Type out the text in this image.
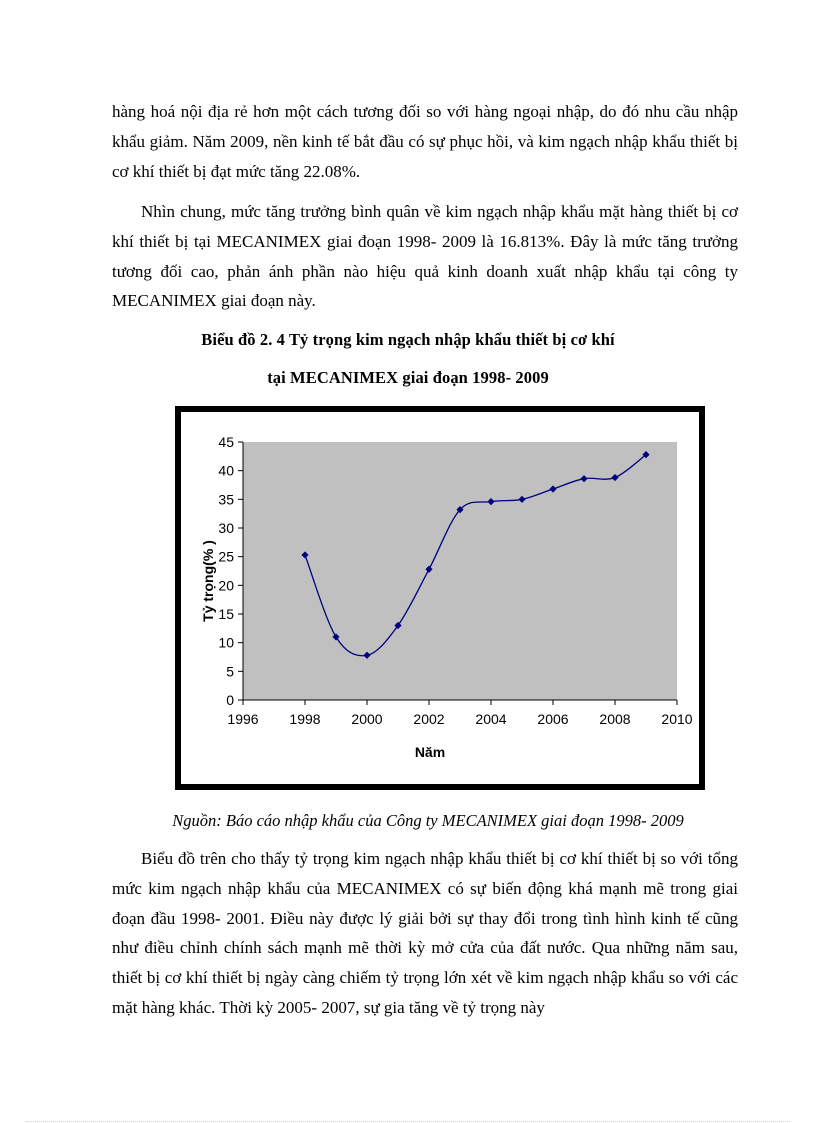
hàng hoá nội địa rẻ hơn một cách tương đối so với hàng ngoại nhập, do đó nhu cầu nhập khẩu giảm. Năm 2009, nền kinh tế bắt đầu có sự phục hồi, và kim ngạch nhập khẩu thiết bị cơ khí thiết bị đạt mức tăng 22.08%.

Nhìn chung, mức tăng trưởng bình quân về kim ngạch nhập khẩu mặt hàng thiết bị cơ khí thiết bị tại MECANIMEX giai đoạn 1998- 2009 là 16.813%. Đây là mức tăng trưởng tương đối cao, phản ánh phần nào hiệu quả kinh doanh xuất nhập khẩu tại công ty MECANIMEX giai đoạn này.

Biểu đồ 2. 4 Tỷ trọng kim ngạch nhập khẩu thiết bị cơ khí
tại MECANIMEX giai đoạn 1998- 2009
0
5
10
15
20
25
30
35
40
45
1996 1998 2000 2002 2004 2006 2008 2010
Năm
Tỷ trọng(% )
Nguồn: Báo cáo nhập khẩu của Công ty MECANIMEX giai đoạn 1998- 2009

Biểu đồ trên cho thấy tỷ trọng kim ngạch nhập khẩu thiết bị cơ khí thiết bị so với tổng mức kim ngạch nhập khẩu của MECANIMEX có sự biến động khá mạnh mẽ trong giai đoạn đầu 1998- 2001. Điều này được lý giải bởi sự thay đổi trong tình hình kinh tế cũng như điều chỉnh chính sách mạnh mẽ thời kỳ mở cửa của đất nước. Qua những năm sau, thiết bị cơ khí thiết bị ngày càng chiếm tỷ trọng lớn xét về kim ngạch nhập khẩu so với các mặt hàng khác. Thời kỳ 2005- 2007, sự gia tăng về tỷ trọng này
